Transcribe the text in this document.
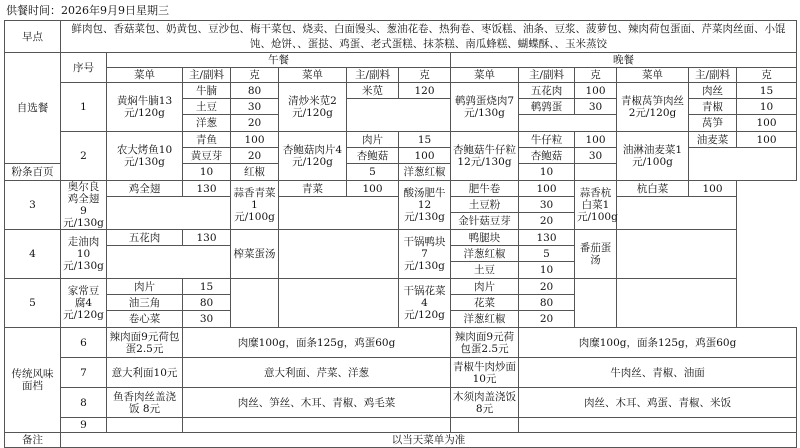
供餐时间：2026年9月9日星期三
早点	鲜肉包、香菇菜包、奶黄包、豆沙包、梅干菜包、烧卖、白面馒头、葱油花卷、热狗卷、枣饭糕、油条、豆浆、菠萝包、辣肉荷包蛋面、芹菜肉丝面、小馄饨、炝饼、、蛋挞、鸡蛋、老式蛋糕、抹茶糕、南瓜蜂糕、蝴蝶酥、、玉米蒸饺												
自选餐	序号	午餐						晚餐					
		菜单	主/副料	克	菜单	主/副料	克	菜单	主/副料	克	菜单	主/副料	克
	1	黄焖牛腩13元/120g	牛腩	80	清炒米苋2元/120g	米苋	120	鹌鹑蛋烧肉7元/130g	五花肉	100	青椒莴笋肉丝　2元/120g	肉丝	15
			土豆	30					鹌鹑蛋	30		青椒	10
			洋葱	20								莴笋	100
	2	农大烤鱼10元/130g	青鱼	100	杏鲍菇肉片4元/120g	肉片	15	杏鲍菇牛仔粒　12元/130g	牛仔粒	100	油淋油麦菜1元/100g	油麦菜	100
			黄豆芽	20		杏鲍菇	100		杏鲍菇	30			
粉条百页			10	红椒		5	洋葱红椒		10				
3	奥尔良鸡全翅 9元/130g	鸡全翅	130	蒜香青菜1元/100g	青菜	100	酸汤肥牛12元/130g	肥牛卷	100	蒜香杭白菜1元/100g	杭白菜	100	
								土豆粉	30				
								金针菇豆芽	20				
4	走油肉10元/130g	五花肉	130	榨菜蛋汤			干锅鸭块7元/130g	鸭腿块	130	番茄蛋汤			
								洋葱红椒	5				
								土豆	10				
5	家常豆腐4元/120g	肉片	15				干锅花菜4元/120g	肉片	20				
		油三角	80					花菜	80				
		卷心菜	30					洋葱红椒	20				
传统风味面档	6	辣肉面9元荷包蛋2.5元	肉糜100g，面条125g，鸡蛋60g					辣肉面9元荷包蛋2.5元	肉糜100g，面条125g，鸡蛋60g				
	7	意大利面10元	意大利面、芹菜、洋葱					青椒牛肉炒面10元	牛肉丝、青椒、油面				
	8	鱼香肉丝盖浇饭 8元	肉丝、笋丝、木耳、青椒、鸡毛菜					木须肉盖浇饭8元	肉丝、木耳、鸡蛋、青椒、米饭				
	9												
备注	以当天菜单为准												
